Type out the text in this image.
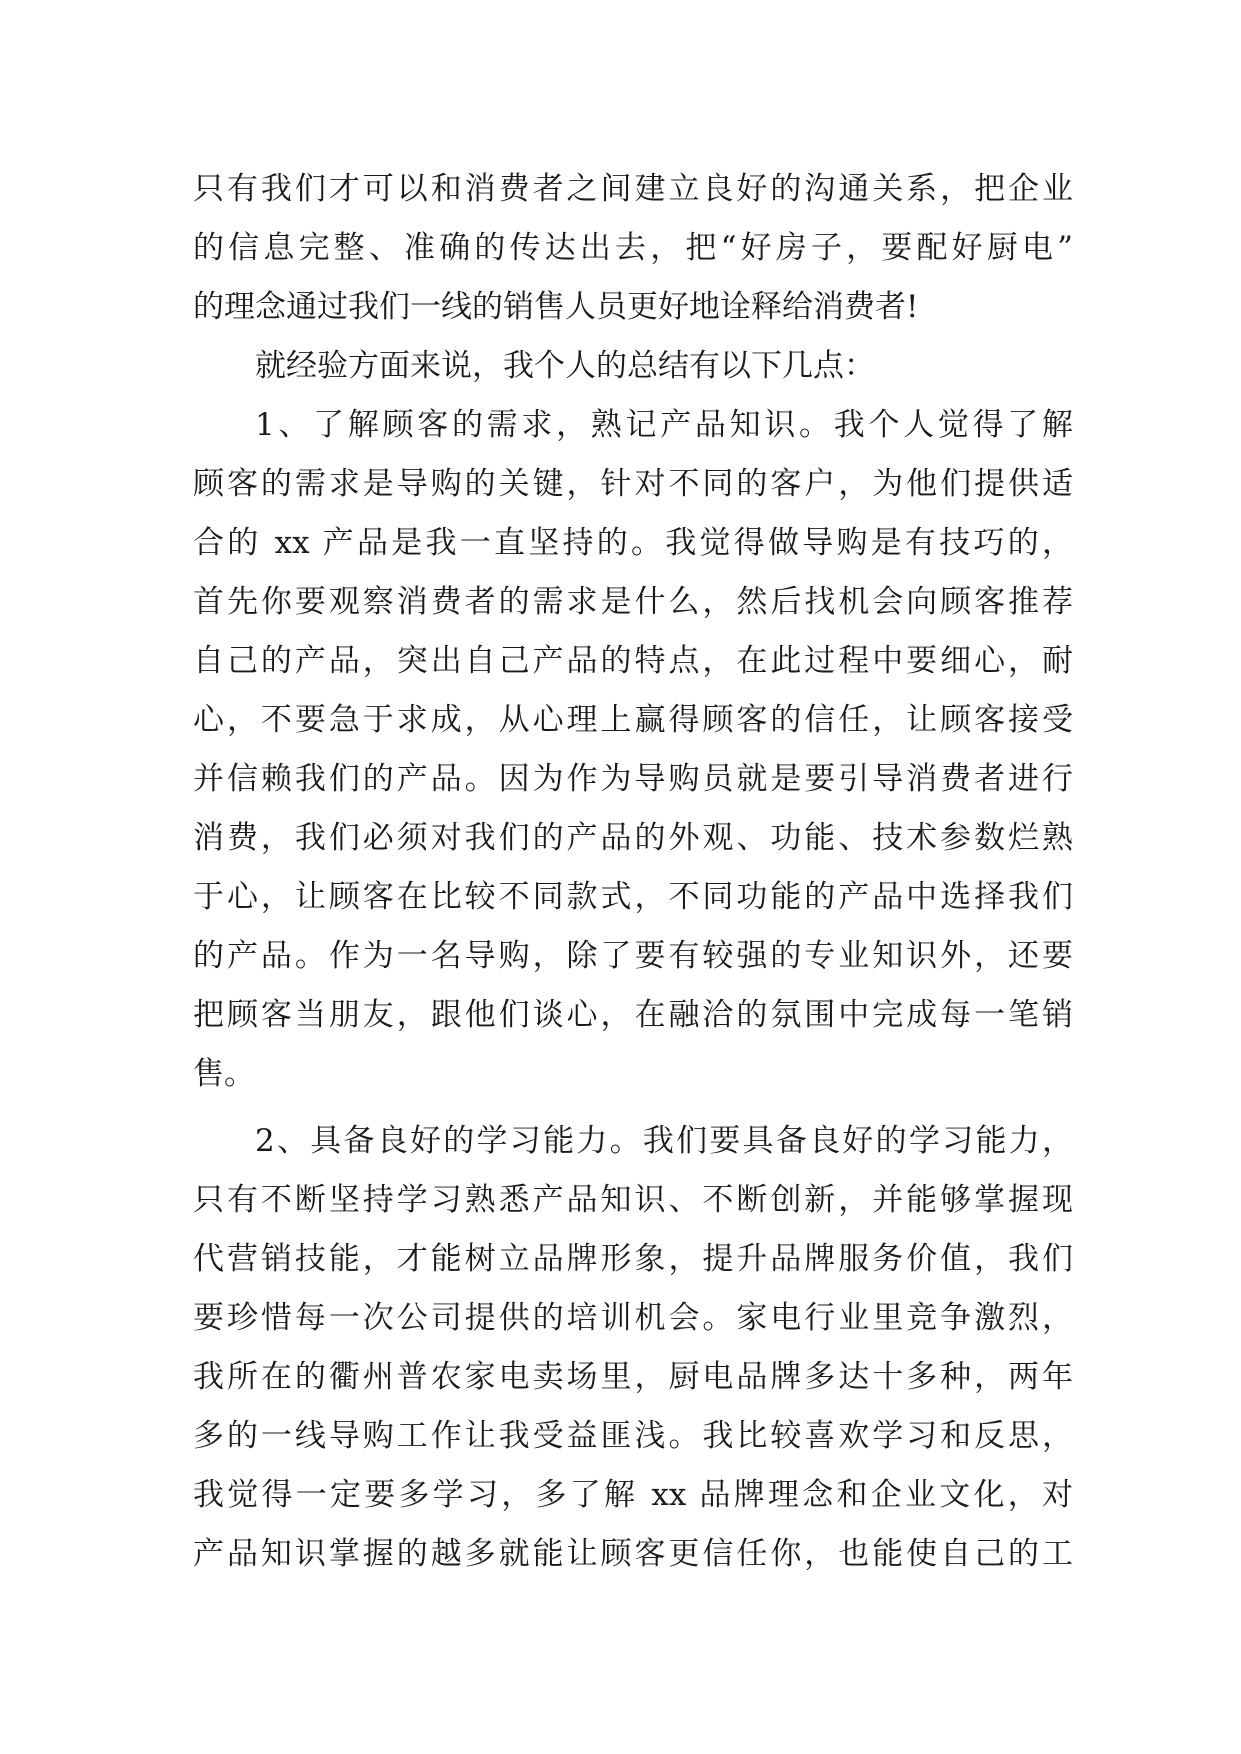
只有我们才可以和消费者之间建立良好的沟通关系，把企业
的信息完整、准确的传达出去，把“好房子，要配好厨电”
的理念通过我们一线的销售人员更好地诠释给消费者!
就经验方面来说，我个人的总结有以下几点：
1、了解顾客的需求，熟记产品知识。我个人觉得了解
顾客的需求是导购的关键，针对不同的客户，为他们提供适
合的 xx 产品是我一直坚持的。我觉得做导购是有技巧的，
首先你要观察消费者的需求是什么，然后找机会向顾客推荐
自己的产品，突出自己产品的特点，在此过程中要细心，耐
心，不要急于求成，从心理上赢得顾客的信任，让顾客接受
并信赖我们的产品。因为作为导购员就是要引导消费者进行
消费，我们必须对我们的产品的外观、功能、技术参数烂熟
于心，让顾客在比较不同款式，不同功能的产品中选择我们
的产品。作为一名导购，除了要有较强的专业知识外，还要
把顾客当朋友，跟他们谈心，在融洽的氛围中完成每一笔销
售。
2、具备良好的学习能力。我们要具备良好的学习能力，
只有不断坚持学习熟悉产品知识、不断创新，并能够掌握现
代营销技能，才能树立品牌形象，提升品牌服务价值，我们
要珍惜每一次公司提供的培训机会。家电行业里竞争激烈，
我所在的衢州普农家电卖场里，厨电品牌多达十多种，两年
多的一线导购工作让我受益匪浅。我比较喜欢学习和反思，
我觉得一定要多学习，多了解 xx 品牌理念和企业文化，对
产品知识掌握的越多就能让顾客更信任你，也能使自己的工
